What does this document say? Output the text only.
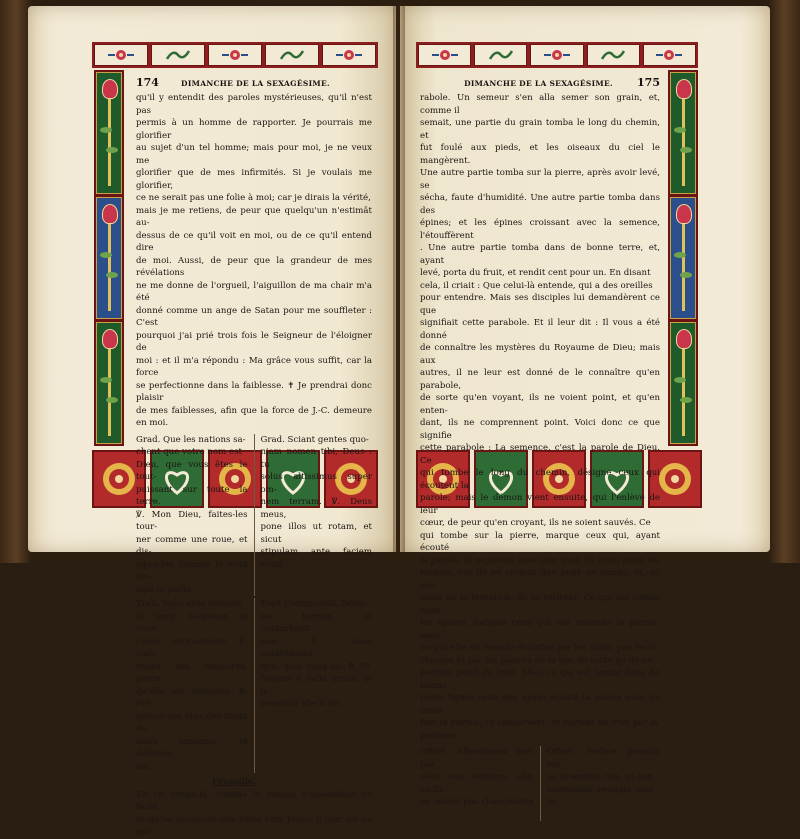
174	DIMANCHE DE LA SEXAGÉSIME.

qu'il y entendit des paroles mystérieuses, qu'il n'est pas

permis à un homme de rapporter. Je pourrais me glorifier

au sujet d'un tel homme; mais pour moi, je ne veux me

glorifier que de mes infirmités. Si je voulais me glorifier,

ce ne serait pas une folie à moi; car je dirais la vérité,

mais je me retiens, de peur que quelqu'un n'estimât au-

dessus de ce qu'il voit en moi, ou de ce qu'il entend dire

de moi. Aussi, de peur que la grandeur de mes révélations

ne me donne de l'orgueil, l'aiguillon de ma chair m'a été

donné comme un ange de Satan pour me souffleter : C'est

pourquoi j'ai prié trois fois le Seigneur de l'éloigner de

moi : et il m'a répondu : Ma grâce vous suffit, car la force

se perfectionne dans la faiblesse. ✝ Je prendrai donc plaisir

de mes faiblesses, afin que la force de J.-C. demeure en moi.

Grad. Que les nations sa-

chent que votre nom est

Dieu, que vous êtes le tout-

puissant sur toute la terre.

℣. Mon Dieu, faites-les tour-

ner comme une roue, et dis-

sipez-les comme le vent dis-

sipe la paille.

Grad. Sciant gentes quo-

niam nomen tibi, Deus : tu

solus altissimus super om-

nem terram. ℣. Deus meus,

pone illos ut rotam, et sicut

stipulam ante faciem venti.

Trait. Vous avez ébranlé

la terre, Seigneur, et vous

l'avez entr'ouverte. ℣. Gué-

rissez ses blessures, parce

qu'elle est ébranlée. ℟. Pré-

servez vos élus des traits de

leurs ennemis, et délivrez-

les.

Trait Commovisti, Domi-

ne, terram, et conturbasti

eam. ℣. Sana contritiones

ejus, quia mota est. ℟. Ut

fugiant a facie arcus; ut li-

berentur electi tui.

Evangile.

En ce temps-là, comme le peuple s'assemblait en foule,

et qu'on accourait des villes vers Jésus, il leur dit en par

DIMANCHE DE LA SEXAGÉSIME. 175

rabole. Un semeur s'en alla semer son grain, et, comme il

semait, une partie du grain tomba le long du chemin, et

fut foulé aux pieds, et les oiseaux du ciel le mangèrent.

Une autre partie tomba sur la pierre, après avoir levé, se

sécha, faute d'humidité. Une autre partie tomba dans des

épines; et les épines croissant avec la semence, l'étouffèrent

. Une autre partie tomba dans de bonne terre, et, ayant

levé, porta du fruit, et rendit cent pour un. En disant

cela, il criait : Que celui-là entende, qui a des oreilles

pour entendre. Mais ses disciples lui demandèrent ce que

signifiait cette parabole. Et il leur dit : Il vous a été donné

de connaître les mystères du Royaume de Dieu; mais aux

autres, il ne leur est donné de le connaître qu'en parabole,

de sorte qu'en voyant, ils ne voient point, et qu'en enten-

dant, ils ne comprennent point. Voici donc ce que signifie

cette parabole : La semence, c'est la parole de Dieu. Ce

qui tombe le long du chemin, désigne ceux qui écoutent la

parole; mais le démon vient ensuite, qui l'enlève de leur

cœur, de peur qu'en croyant, ils ne soient sauvés. Ce

qui tombe sur la pierre, marque ceux qui, ayant écouté

la parole, la reçoivent avec joie: mais ils n'ont point de

racines, car ils ne croient que pour un temps; et, au mo-

ment de la tentation, ils se retirent. Ce qui est tombé dans

les épines, indique ceux qui ont entendu la parole, mais

en qui elle est ensuite étouffée par les soins, par les ri-

chesses et par les plaisirs de la vie; de sorte qu'ils ne

portent point de fruit. Mais ce qui est tombé dans de bonne

terre, figure ceux qui, ayant écouté la parole avec un cœur

bon et parfait, l'y conservent, et portent du fruit par la

patience.

Offert. Affermissez mes pas

dans vos sentiers, afin qu'ils

ne soient pas chancelants :

Offert. Perfice gressus me-

os in semitis tuis. ut non

moveantur vestigia mea : in-
